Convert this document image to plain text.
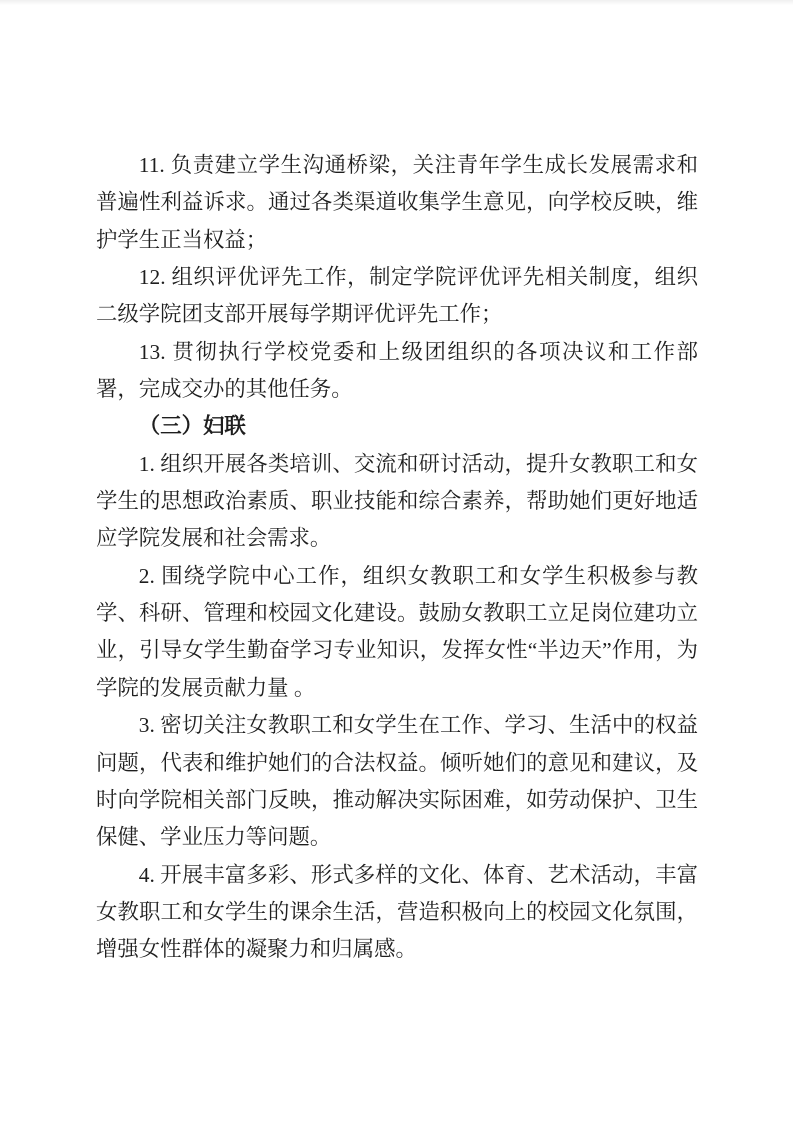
11. 负责建立学生沟通桥梁，关注青年学生成长发展需求和普遍性利益诉求。通过各类渠道收集学生意见，向学校反映，维护学生正当权益；

12. 组织评优评先工作，制定学院评优评先相关制度，组织二级学院团支部开展每学期评优评先工作；

13. 贯彻执行学校党委和上级团组织的各项决议和工作部署，完成交办的其他任务。

（三）妇联

1. 组织开展各类培训、交流和研讨活动，提升女教职工和女学生的思想政治素质、职业技能和综合素养，帮助她们更好地适应学院发展和社会需求。

2. 围绕学院中心工作，组织女教职工和女学生积极参与教学、科研、管理和校园文化建设。鼓励女教职工立足岗位建功立业，引导女学生勤奋学习专业知识，发挥女性“半边天”作用，为学院的发展贡献力量 。

3. 密切关注女教职工和女学生在工作、学习、生活中的权益问题，代表和维护她们的合法权益。倾听她们的意见和建议，及时向学院相关部门反映，推动解决实际困难，如劳动保护、卫生保健、学业压力等问题。

4. 开展丰富多彩、形式多样的文化、体育、艺术活动，丰富女教职工和女学生的课余生活，营造积极向上的校园文化氛围，增强女性群体的凝聚力和归属感。
